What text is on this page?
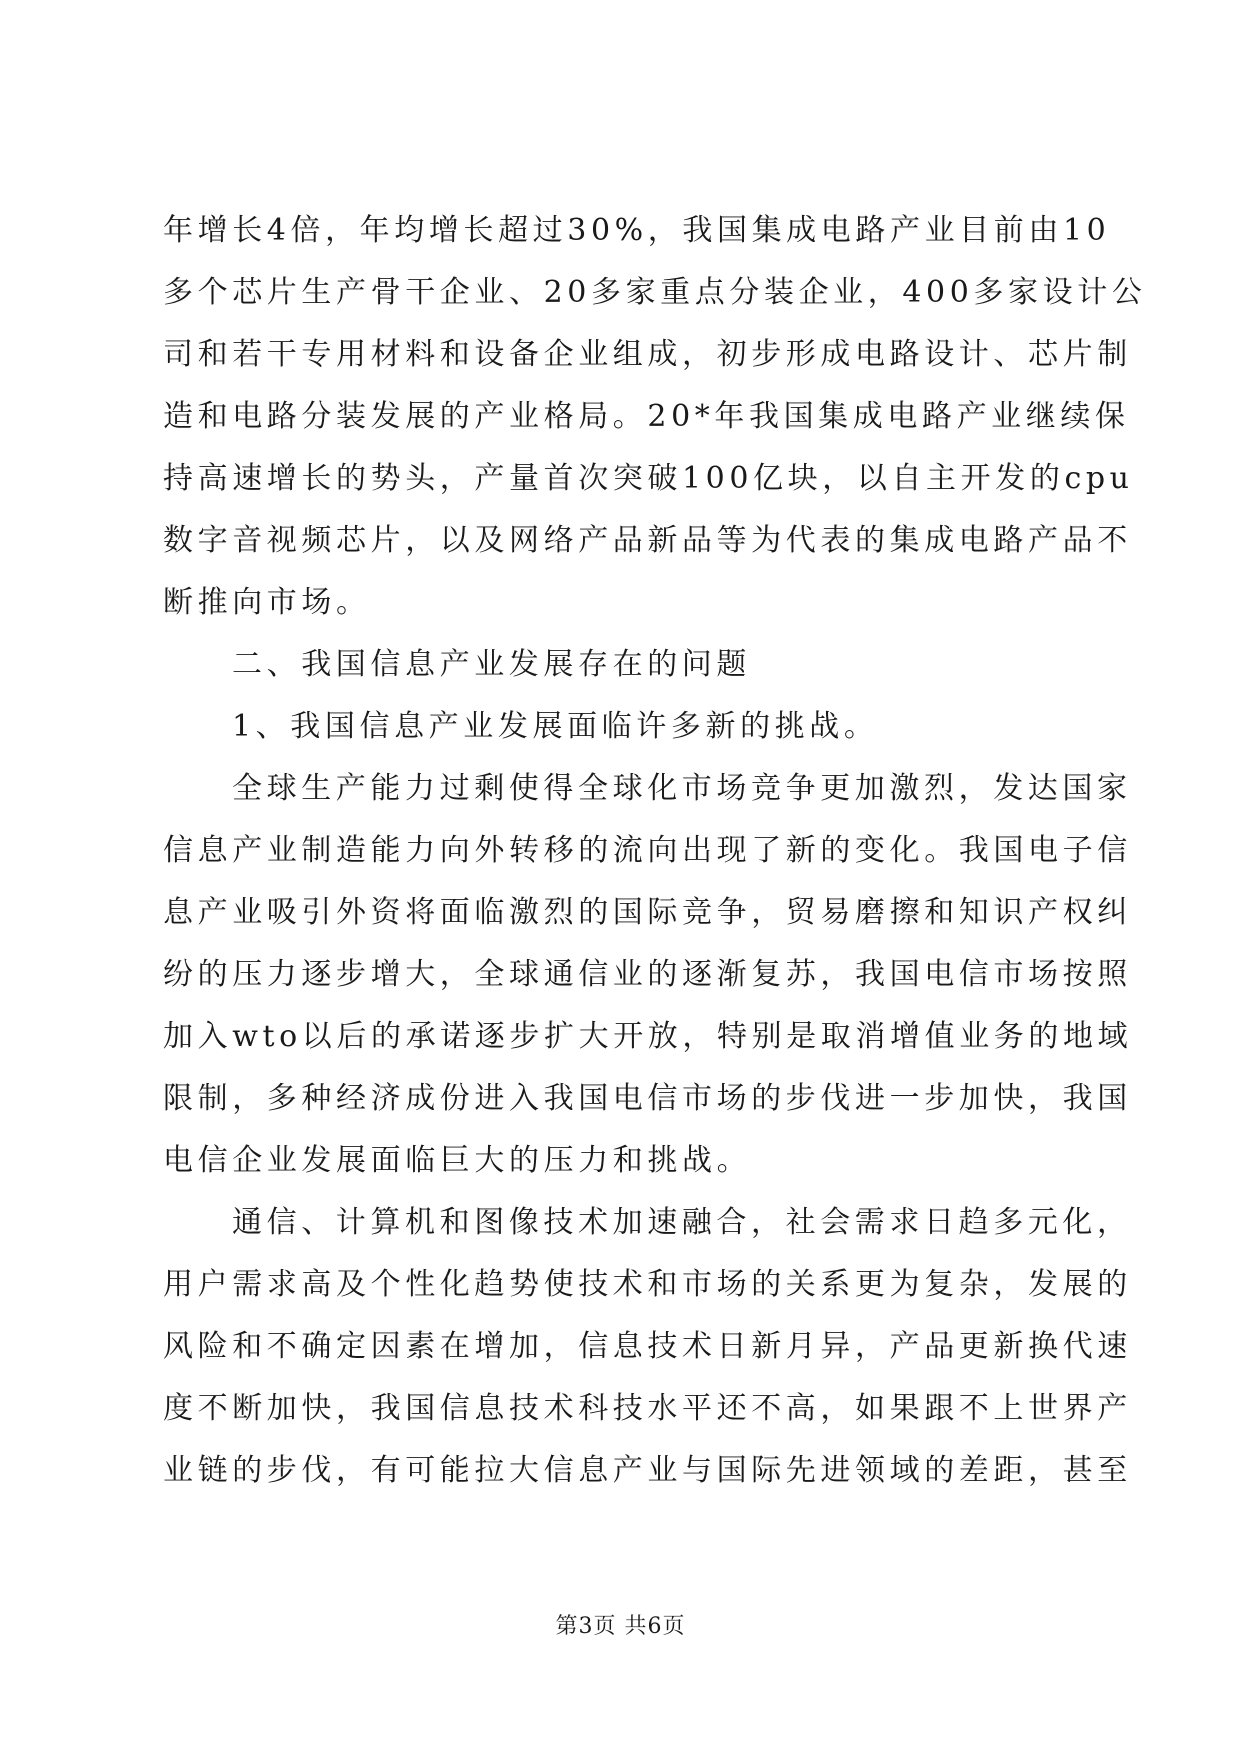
年增长4倍，年均增长超过30%，我国集成电路产业目前由10
多个芯片生产骨干企业、20多家重点分装企业，400多家设计公
司和若干专用材料和设备企业组成，初步形成电路设计、芯片制
造和电路分装发展的产业格局。20*年我国集成电路产业继续保
持高速增长的势头，产量首次突破100亿块，以自主开发的cpu
数字音视频芯片，以及网络产品新品等为代表的集成电路产品不
断推向市场。
二、我国信息产业发展存在的问题
1、我国信息产业发展面临许多新的挑战。
全球生产能力过剩使得全球化市场竞争更加激烈，发达国家
信息产业制造能力向外转移的流向出现了新的变化。我国电子信
息产业吸引外资将面临激烈的国际竞争，贸易磨擦和知识产权纠
纷的压力逐步增大，全球通信业的逐渐复苏，我国电信市场按照
加入wto以后的承诺逐步扩大开放，特别是取消增值业务的地域
限制，多种经济成份进入我国电信市场的步伐进一步加快，我国
电信企业发展面临巨大的压力和挑战。
通信、计算机和图像技术加速融合，社会需求日趋多元化，
用户需求高及个性化趋势使技术和市场的关系更为复杂，发展的
风险和不确定因素在增加，信息技术日新月异，产品更新换代速
度不断加快，我国信息技术科技水平还不高，如果跟不上世界产
业链的步伐，有可能拉大信息产业与国际先进领域的差距，甚至
第3页 共6页
